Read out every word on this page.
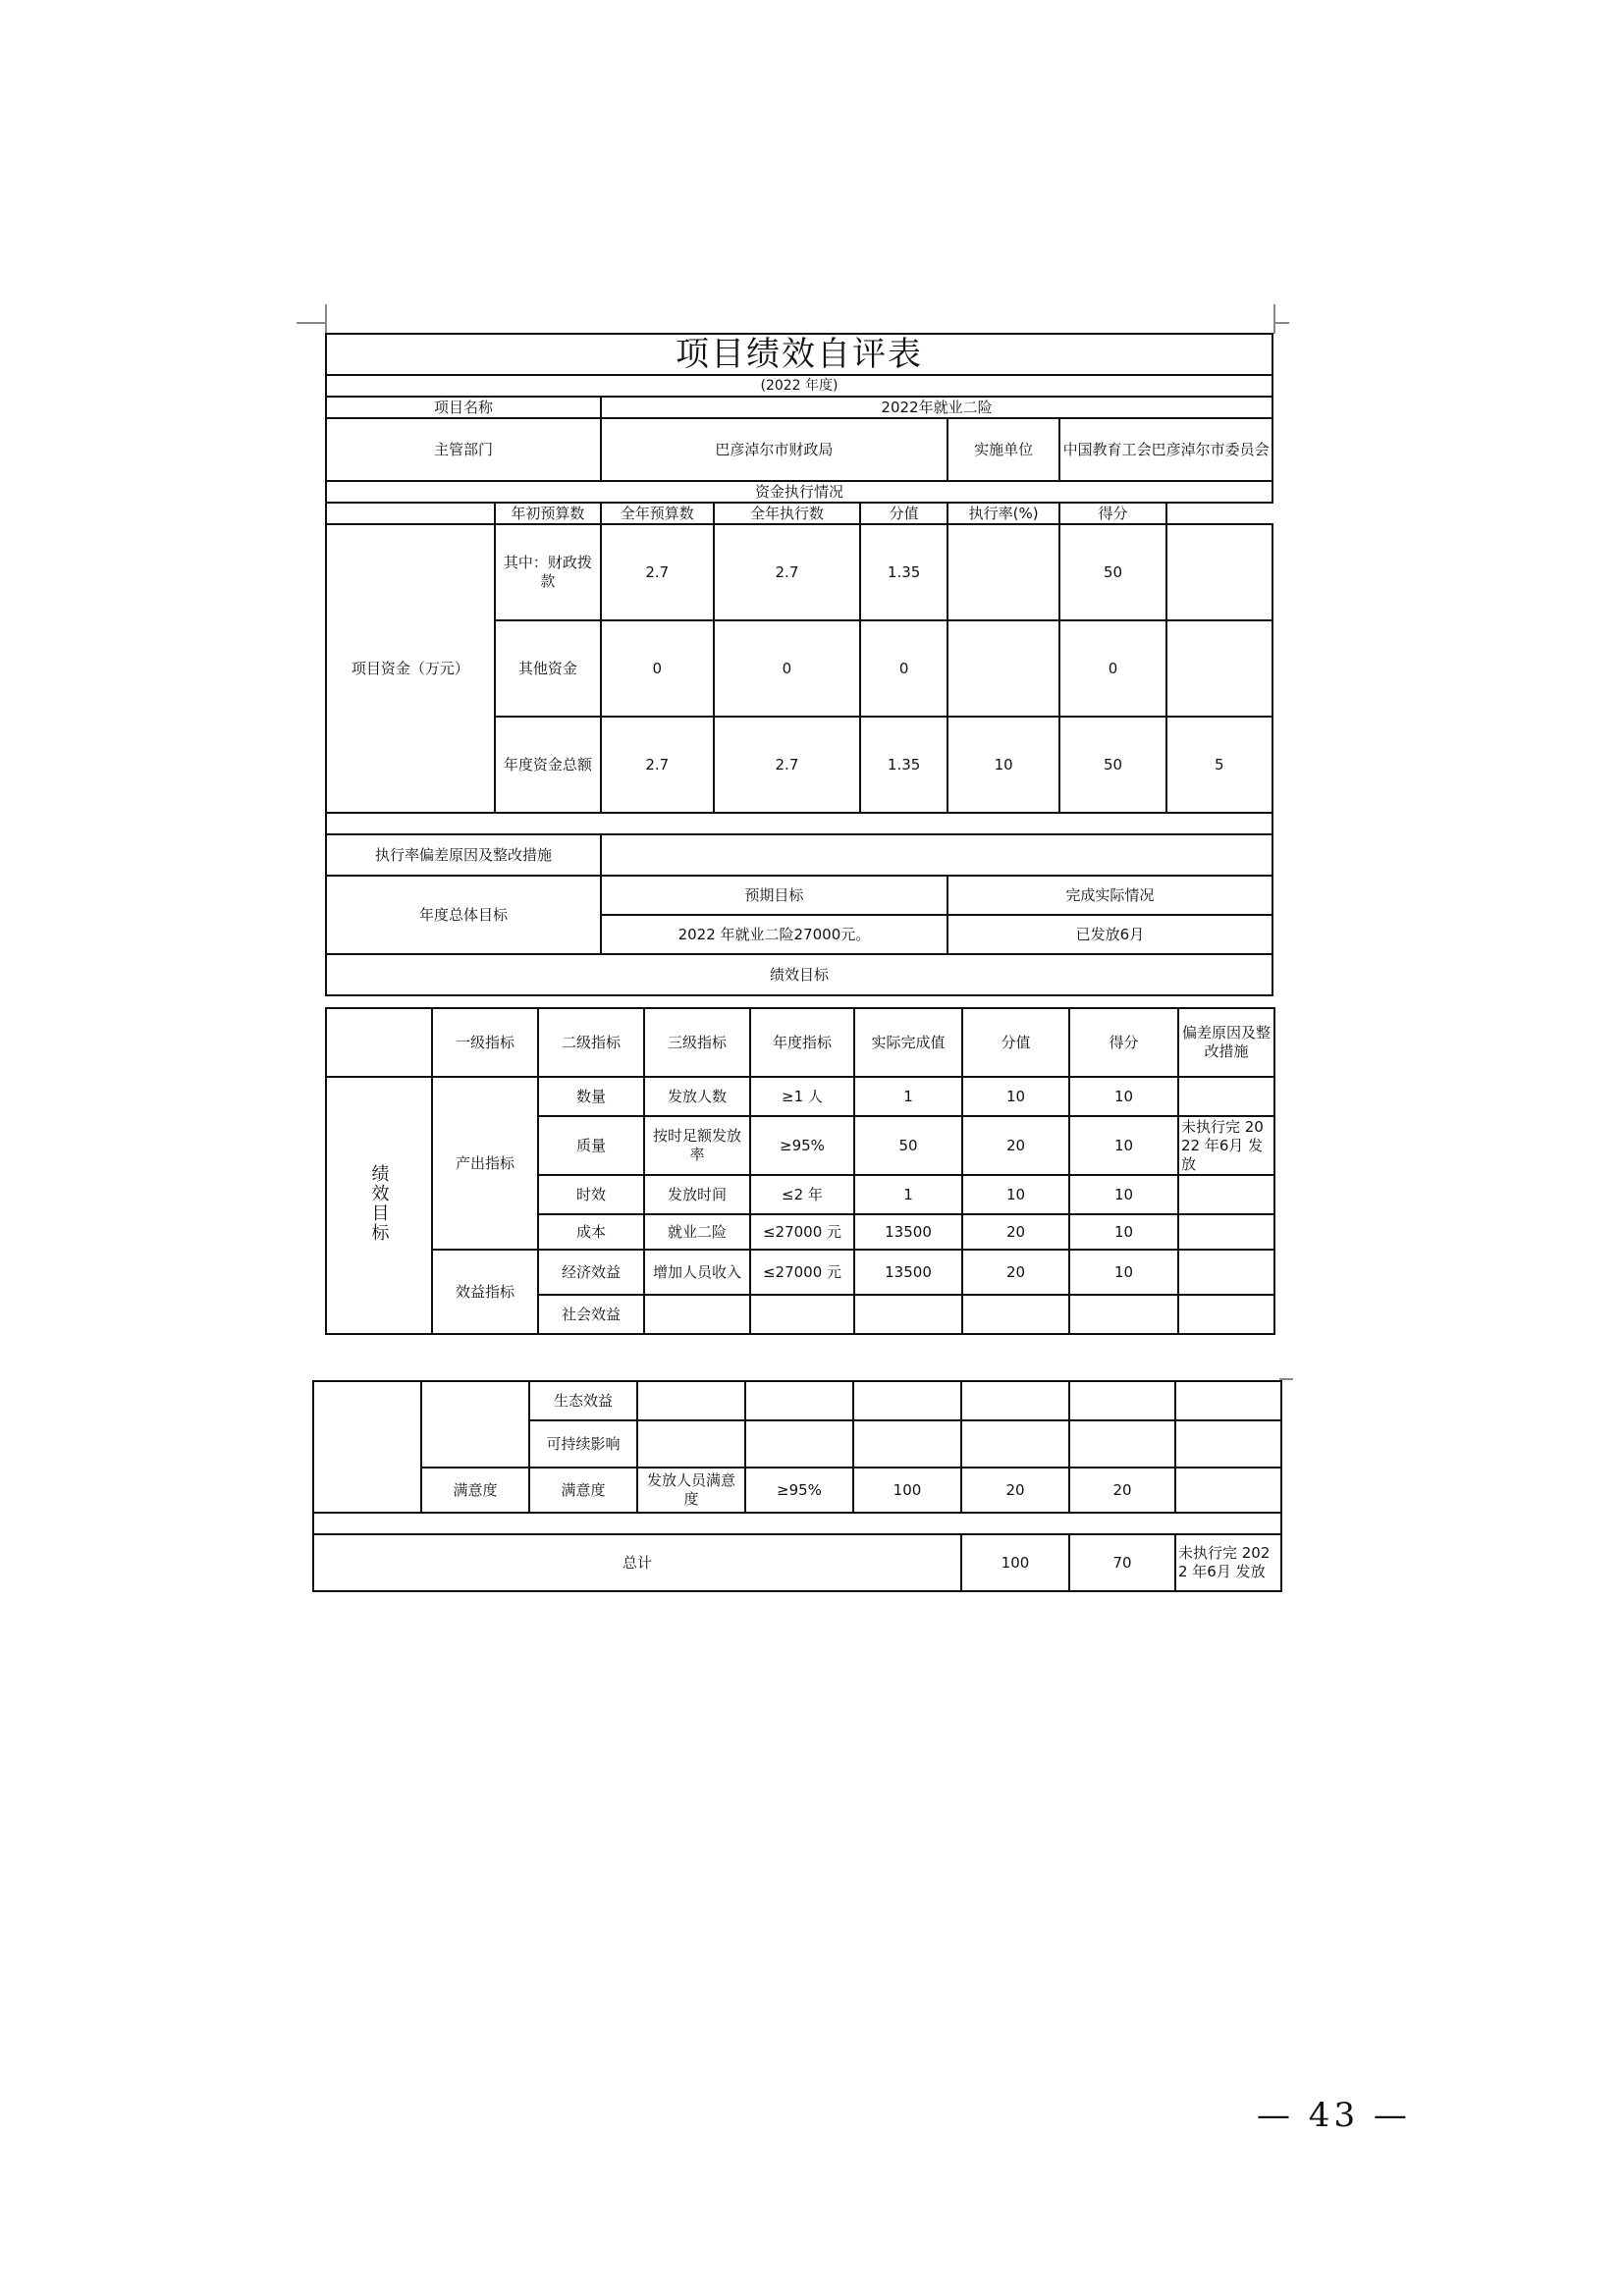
项目绩效自评表							
(2022 年度)							
项目名称		2022年就业二险					
主管部门		巴彦淖尔市财政局			实施单位	中国教育工会巴彦淖尔市委员会	
资金执行情况							
	年初预算数	全年预算数	全年执行数	分值	执行率(%)	得分	
项目资金（万元）	其中：财政拨款	2.7	2.7	1.35		50	
	其他资金	0	0	0		0	
	年度资金总额	2.7	2.7	1.35	10	50	5

执行率偏差原因及整改措施							
年度总体目标		预期目标			完成实际情况		
		2022 年就业二险27000元。			已发放6月		
绩效目标							
	一级指标	二级指标	三级指标	年度指标	实际完成值	分值	得分	偏差原因及整改措施
绩效目标	产出指标	数量	发放人数	≥1 人	1	10	10	
		质量	按时足额发放率	≥95%	50	20	10	未执行完 2022 年6月 发放
		时效	发放时间	≤2 年	1	10	10	
		成本	就业二险	≤27000 元	13500	20	10	
	效益指标	经济效益	增加人员收入	≤27000 元	13500	20	10	
		社会效益						
		生态效益						
		可持续影响						
	满意度	满意度	发放人员满意度	≥95%	100	20	20	

总计						100	70	未执行完 2022 年6月 发放
— 43 —
